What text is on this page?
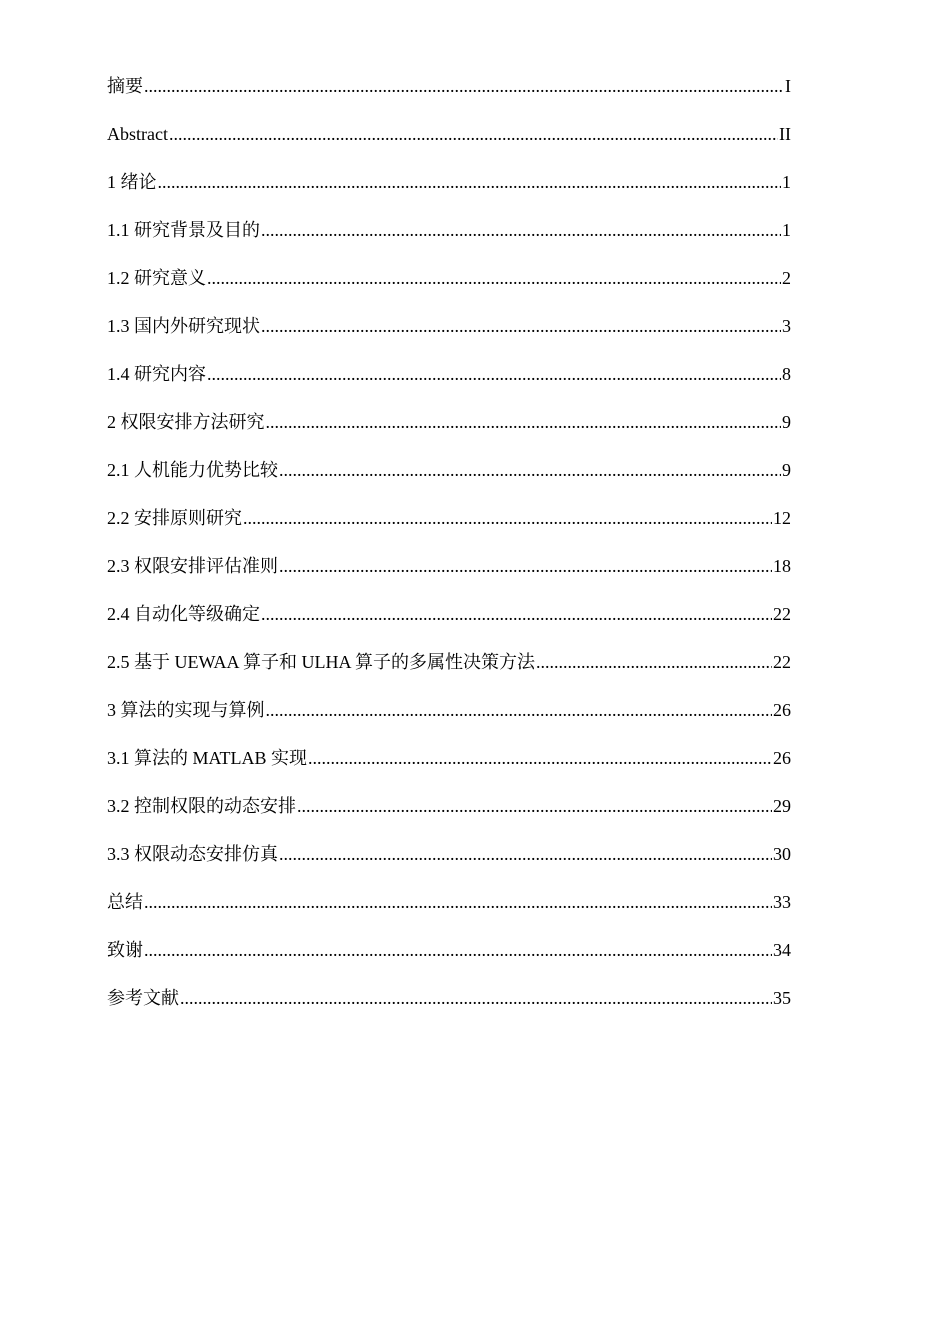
摘要 .....	I
Abstract .....	II
1 绪论 .....	1
1.1 研究背景及目的 .....	1
1.2 研究意义 .....	2
1.3 国内外研究现状 .....	3
1.4 研究内容 .....	8
2 权限安排方法研究 .....	9
2.1 人机能力优势比较 .....	9
2.2 安排原则研究 .....	12
2.3 权限安排评估准则 .....	18
2.4 自动化等级确定 .....	22
2.5 基于 UEWAA 算子和 ULHA 算子的多属性决策方法 .....	22
3 算法的实现与算例 .....	26
3.1 算法的 MATLAB 实现 .....	26
3.2 控制权限的动态安排 .....	29
3.3 权限动态安排仿真 .....	30
总结 .....	33
致谢 .....	34
参考文献 .....	35
